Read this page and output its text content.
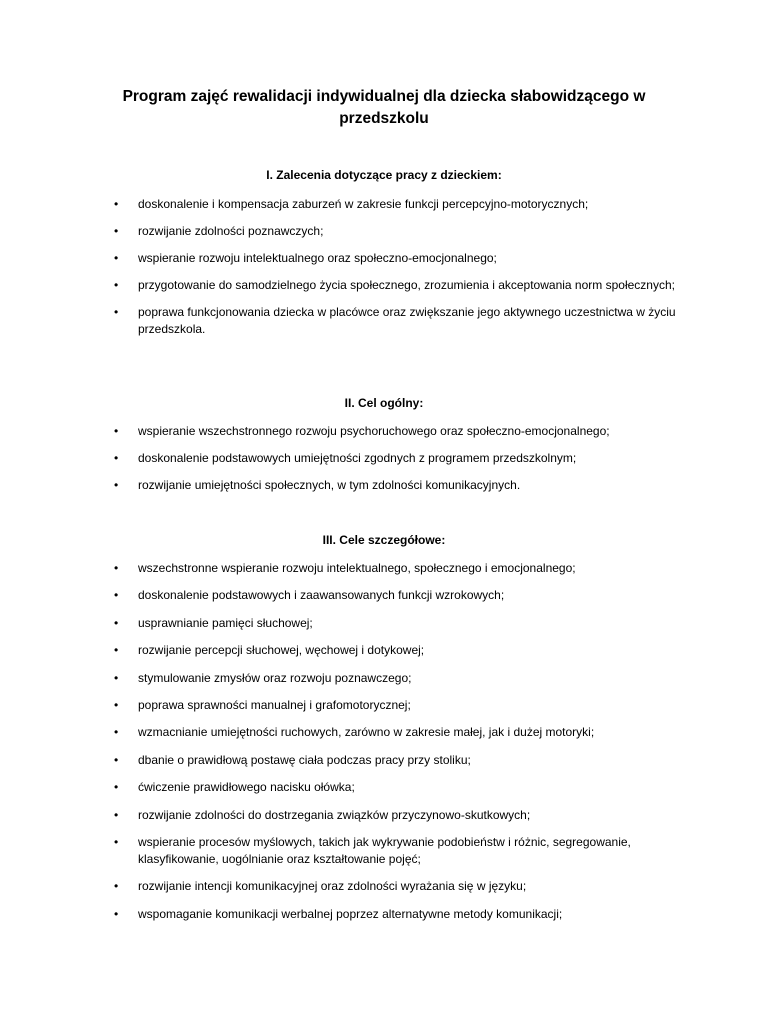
Program zajęć rewalidacji indywidualnej dla dziecka słabowidzącego w przedszkolu
I. Zalecenia dotyczące pracy z dzieckiem:
• doskonalenie i kompensacja zaburzeń w zakresie funkcji percepcyjno-motorycznych;
• rozwijanie zdolności poznawczych;
• wspieranie rozwoju intelektualnego oraz społeczno-emocjonalnego;
• przygotowanie do samodzielnego życia społecznego, zrozumienia i akceptowania norm społecznych;
• poprawa funkcjonowania dziecka w placówce oraz zwiększanie jego aktywnego uczestnictwa w życiu przedszkola.
II. Cel ogólny:
• wspieranie wszechstronnego rozwoju psychoruchowego oraz społeczno-emocjonalnego;
• doskonalenie podstawowych umiejętności zgodnych z programem przedszkolnym;
• rozwijanie umiejętności społecznych, w tym zdolności komunikacyjnych.
III. Cele szczegółowe:
• wszechstronne wspieranie rozwoju intelektualnego, społecznego i emocjonalnego;
• doskonalenie podstawowych i zaawansowanych funkcji wzrokowych;
• usprawnianie pamięci słuchowej;
• rozwijanie percepcji słuchowej, węchowej i dotykowej;
• stymulowanie zmysłów oraz rozwoju poznawczego;
• poprawa sprawności manualnej i grafomotorycznej;
• wzmacnianie umiejętności ruchowych, zarówno w zakresie małej, jak i dużej motoryki;
• dbanie o prawidłową postawę ciała podczas pracy przy stoliku;
• ćwiczenie prawidłowego nacisku ołówka;
• rozwijanie zdolności do dostrzegania związków przyczynowo-skutkowych;
• wspieranie procesów myślowych, takich jak wykrywanie podobieństw i różnic, segregowanie, klasyfikowanie, uogólnianie oraz kształtowanie pojęć;
• rozwijanie intencji komunikacyjnej oraz zdolności wyrażania się w języku;
• wspomaganie komunikacji werbalnej poprzez alternatywne metody komunikacji;
